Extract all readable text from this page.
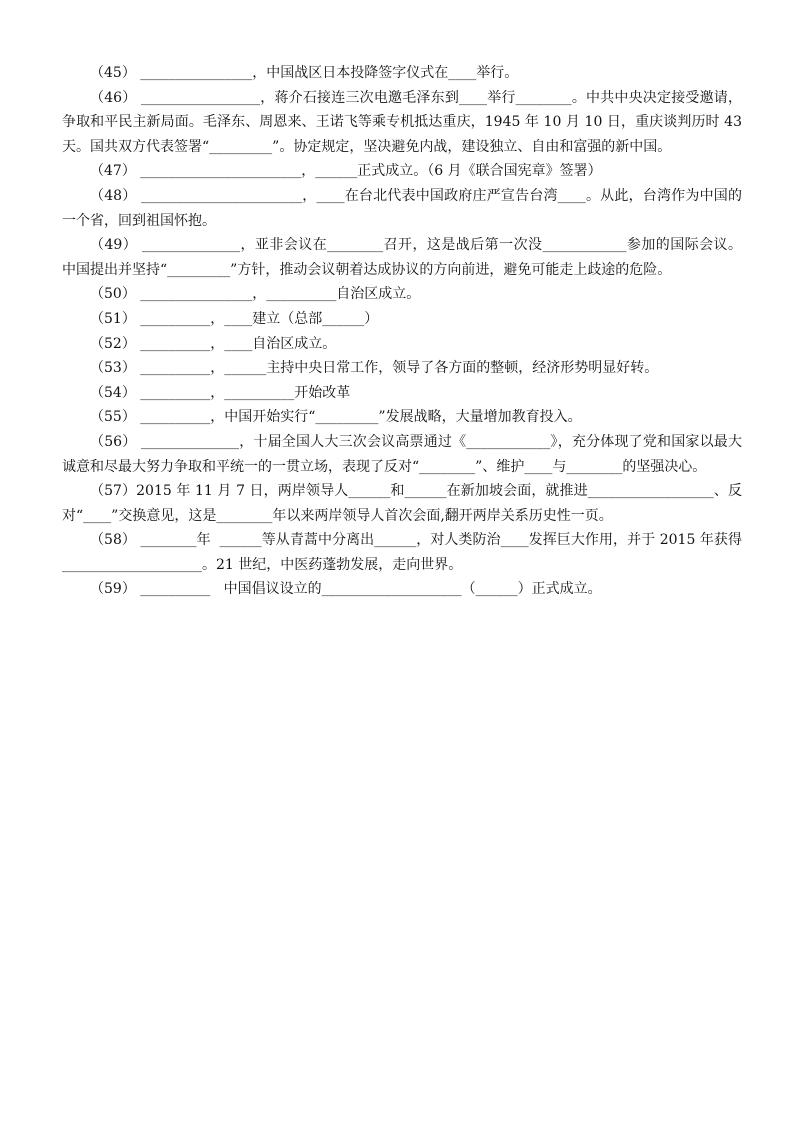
（45） ________________，中国战区日本投降签字仪式在____举行。

（46） _________________，蒋介石接连三次电邀毛泽东到____举行________。中共中央决定接受邀请，争取和平民主新局面。毛泽东、周恩来、王诺飞等乘专机抵达重庆，1945 年 10 月 10 日，重庆谈判历时 43 天。国共双方代表签署“_________”。协定规定，坚决避免内战，建设独立、自由和富强的新中国。

（47） _______________________，______正式成立。（6 月《联合国宪章》签署）

（48） _______________________，____在台北代表中国政府庄严宣告台湾____。从此，台湾作为中国的一个省，回到祖国怀抱。

（49） ______________，亚非会议在________召开，这是战后第一次没____________参加的国际会议。中国提出并坚持“_________”方针，推动会议朝着达成协议的方向前进，避免可能走上歧途的危险。

（50） ________________，__________自治区成立。

（51） __________，____建立（总部______）

（52） __________，____自治区成立。

（53） __________，______主持中央日常工作，领导了各方面的整顿，经济形势明显好转。

（54） __________，__________开始改革

（55） __________，中国开始实行“_________”发展战略，大量增加教育投入。

（56） ______________，十届全国人大三次会议高票通过《____________》，充分体现了党和国家以最大诚意和尽最大努力争取和平统一的一贯立场，表现了反对“________”、维护____与________的坚强决心。

（57）2015 年 11 月 7 日，两岸领导人______和______在新加坡会面，就推进__________________、反对“____”交换意见，这是________年以来两岸领导人首次会面,翻开两岸关系历史性一页。

（58） ________年  ______等从青蒿中分离出______，对人类防治____发挥巨大作用，并于 2015 年获得____________________。21 世纪，中医药蓬勃发展，走向世界。

（59） __________   中国倡议设立的____________________（______）正式成立。
